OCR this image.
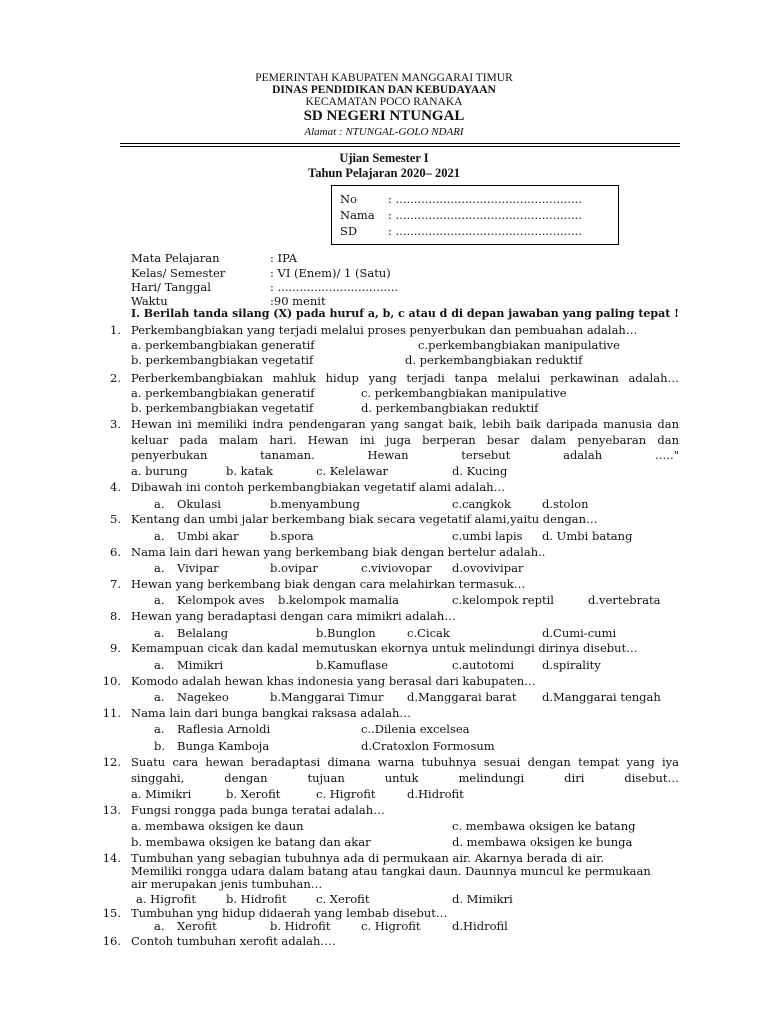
PEMERINTAH KABUPATEN MANGGARAI TIMUR
DINAS PENDIDIKAN DAN KEBUDAYAAN
KECAMATAN POCO RANAKA
SD NEGERI NTUNGAL
Alamat : NTUNGAL-GOLO NDARI
Ujian Semester I
Tahun Pelajaran 2020– 2021
No	: ...................................................
Nama : ...................................................
SD	: ...................................................
Mata Pelajaran	: IPA
Kelas/ Semester	: VI (Enem)/ 1 (Satu)
Hari/ Tanggal	: .................................
Waktu	:90 menit
I. Berilah tanda silang (X) pada huruf a, b, c atau d di depan jawaban yang paling tepat !
1. Perkembangbiakan yang terjadi melalui proses penyerbukan dan pembuahan adalah…
a. perkembangbiakan generatif	c.perkembangbiakan manipulative
b. perkembangbiakan vegetatif	d. perkembangbiakan reduktif
2. Perberkembangbiakan mahluk hidup yang terjadi tanpa melalui perkawinan adalah…
a. perkembangbiakan generatif	c. perkembangbiakan manipulative
b. perkembangbiakan vegetatif	d. perkembangbiakan reduktif
3. Hewan ini memiliki indra pendengaran yang sangat baik, lebih baik daripada manusia dan
keluar pada malam hari. Hewan ini juga berperan besar dalam penyebaran dan
penyerbukan tanaman. Hewan tersebut adalah ….."
a. burung	b. katak	c. Kelelawar	d. Kucing
4. Dibawah ini contoh perkembangbiakan vegetatif alami adalah…
a. Okulasi	b.menyambung	c.cangkok	d.stolon
5. Kentang dan umbi jalar berkembang biak secara vegetatif alami,yaitu dengan…
a. Umbi akar	b.spora	c.umbi lapis d. Umbi batang
6. Nama lain dari hewan yang berkembang biak dengan bertelur adalah..
a. Vivipar	b.ovipar	c.viviovopar d.ovovivipar
7. Hewan yang berkembang biak dengan cara melahirkan termasuk…
a. Kelompok aves b.kelompok mamalia	c.kelompok reptil	d.vertebrata
8. Hewan yang beradaptasi dengan cara mimikri adalah…
a. Belalang	b.Bunglon	c.Cicak	d.Cumi-cumi
9. Kemampuan cicak dan kadal memutuskan ekornya untuk melindungi dirinya disebut…
a. Mimikri	b.Kamuflase	c.autotomi d.spirality
10. Komodo adalah hewan khas indonesia yang berasal dari kabupaten…
a. Nagekeo	b.Manggarai Timur d.Manggarai barat d.Manggarai tengah
11. Nama lain dari bunga bangkai raksasa adalah…
a. Raflesia Arnoldi	c..Dilenia excelsea
b. Bunga Kamboja	d.Cratoxlon Formosum
12. Suatu cara hewan beradaptasi dimana warna tubuhnya sesuai dengan tempat yang iya
singgahi, dengan tujuan untuk melindungi diri disebut…
a. Mimikri	b. Xerofit	c. Higrofit	d.Hidrofit
13. Fungsi rongga pada bunga teratai adalah…
a. membawa oksigen ke daun	c. membawa oksigen ke batang
b. membawa oksigen ke batang dan akar	d. membawa oksigen ke bunga
14. Tumbuhan yang sebagian tubuhnya ada di permukaan air. Akarnya berada di air.
Memiliki rongga udara dalam batang atau tangkai daun. Daunnya muncul ke permukaan
air merupakan jenis tumbuhan…
a. Higrofit	b. Hidrofit	c. Xerofit	d. Mimikri
15. Tumbuhan yng hidup didaerah yang lembab disebut…
a. Xerofit	b. Hidrofit	c. Higrofit	d.Hidrofil
16. Contoh tumbuhan xerofit adalah….
